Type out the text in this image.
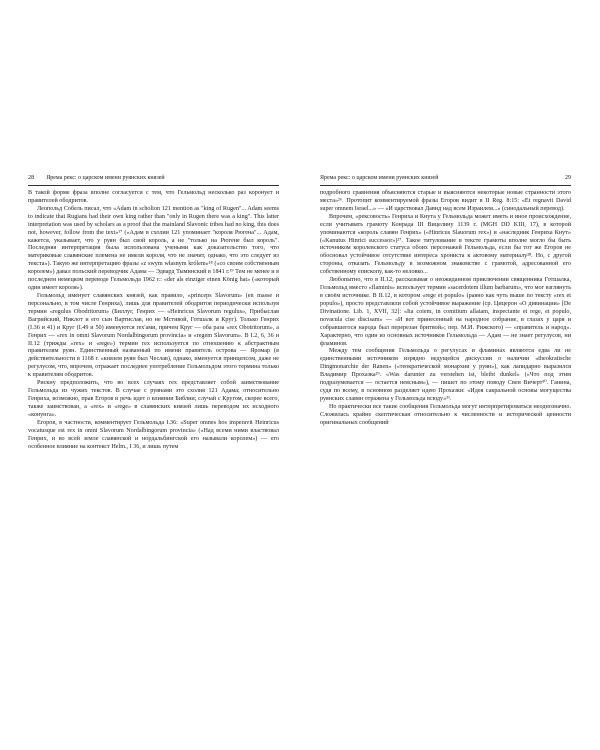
28 Ярема рекс: о царском имени руянских князей

В такой форме фраза вполне согласуется с тем, что Гельмольд несколько раз коронует и правителей ободритов.

Леопольд Собель писал, что «Adam in scholion 121 mention as "king of Rugen"... Adam seems to indicate that Rugians had their own king rather than "only in Rugen there was a king". This latter interpretation was used by scholars as a proof that the mainland Slavonic tribes had no king, this does not, however, follow from the text»¹⁷ («Адам в схолии 121 упоминает "короля Рюгена"... Адам, кажется, указывает, что у руян был свой король, а не "только на Рюгене был король". Последняя интерпретация была использована учеными как доказательство того, что материковые славянские племена не имели короля, что не значит, однако, что это следует из текста»). Такую же интерпретацию фразы «z swym własnym królem»¹⁸ («со своим собственным королем») давал польский переводчик Адама — Эдвард Тыминский в 1841 г.¹⁹ Тем не менее и в последнем немецком переводе Гельмольда 1962 г.: «der als einziger einen König hat» («который один имеет короля»).

Гельмольд именует славянских князей, как правило, «princeps Slavorum» (en masse и персонально, в том числе Генриха), лишь для правителей ободритов периодически используя термин «regulus Obodritorum» (Биллуг, Генрих — «Heinricus Slavorum regulus», Прибыслав Вагрийский, Никлот и его сын Вартислав, но не Мстивой, Готшалк и Круг). Только Генрих (I.36 и 41) и Круг (I.49 и 50) именуются rex'ами, причем Круг — оба раза «rex Obotritorum», а Генрих — «rex in omni Slavorum Nordalbingorum provincia» и «regem Slavorum». В I.2, 6, 36 и II.12 (трижды «rex» и «rege») термин rex используется по отношению к абстрактным правителям руян. Единственный названный по имени правитель острова — Яромар (в действительности в 1168 г. «князем руян был Чеслав), однако, именуется принцепсом, даже не регулусом, что, впрочем, отражает последнее употребление Гельмольдом этого термина только к правителям ободритов.

Рискну предположить, что во всех случаях rex представляет собой заимствование Гельмольда из чужих текстов. В случае с руянами это схолия 121 Адама; относительно Генриха, возможно, прав Егоров и речь идет о влиянии Библии; случай с Кругом, скорее всего, также заимствован, а «rex» и «rege» в славянских князей лишь переводом их исходного «конунга».

Егоров, в частности, комментирует Гельмольда I.36: «Super omnes hos imperavit Heinricus vocatusque est rex in omni Slavorum Nordalbingorum provincia» («Над всеми ними властвовал Генрих, и во всей земле славянской и нордальбингской его называли королем») — его особенное влияние на контекст Helm., I 36, и лишь путем

Ярема рекс: о царском имени руянских князей	29

подробного сравнения объясняются старые и выясняются некоторые новые странности этого места»²⁶. Протопит комментируемой фразы Егоров видит в II Reg. 8:15: «Et regnavit David super omnem Israel...» — «И царствовал Давид над всем Израилем...» (синодальный перевод).

Впрочем, «рексовость» Генриха и Кнута у Гельмольда может иметь и иное происхождение, если учитывать грамоту Конрада III Вицелину 1139 г. (MGH DD KIII, 17), в которой упоминаются «король славян Генрих» («Hinricus Slauorum rex») и «наследник Генриха Кнут» («Kanutus Hinrici successor»)²⁷. Такое титулование в тексте грамоты вполне могло бы быть источником королевского статуса обоих персонажей Гельмольда, если бы тот же Егоров не обосновал устойчивое отсутствие интереса хрониста к актовому материалу²⁸. Но, с другой стороны, отказать Гельмольду в возможном знакомстве с грамотой, адресованной его собственному епископу, как-то неловко...

Любопытно, что в II.12, рассказывая о неожиданном приключении священника Готшалка, Гельмольд вместо «flaminis» использует термин «sacerdotem illum barbarum», что мог взглянуть в своём источнике. В II.12, в котором «rege et populo» (равно как чуть выше по тексту «rex et populo»), просто представляли собой устойчивое выражение (ср. Цицерон «О дивинации» [De Divinatione. Lib. 1, XVII, 32]: «Ita coiem, in comitium allatam, inspectante et rege, et populo, novacula cise discisam» — «И вот принесенный на народное собрание, в глазах у царя и собравшегося народа был перерезан бритвой»; пер. М.И. Рижского) — «правитель и народ». Характерно, что один из основных источников Гельмольда — Адам — не знает регулусов, ни фламинов.

Между тем сообщения Гельмольда о регулусах и фламинах являются едва ли не единственными источником изрядно ведущейся дискуссии о наличии «theokratische Dingmonarchie der Ranen» («теократической монархии у руян»), как лапидарно выразился Владимир Прохазка²⁹. «Was darunter zu verstehen ist, bleibt dunkel» («Что под этим подразумевается — остается неясным»), — пишет по этому поводу Свен Вичерт³⁰. Ганина, судя по всему, в основном разделяет идею Прохазки: «Идея сакральной основы могущества руянских славян отражена у Гельмольда всюду»³¹.

Но практически все такие сообщения Гельмольда могут интерпретироваться неоднозначно. Сложилась крайне скептическая относительно к численности и исторической ценности оригинальных сообщений
